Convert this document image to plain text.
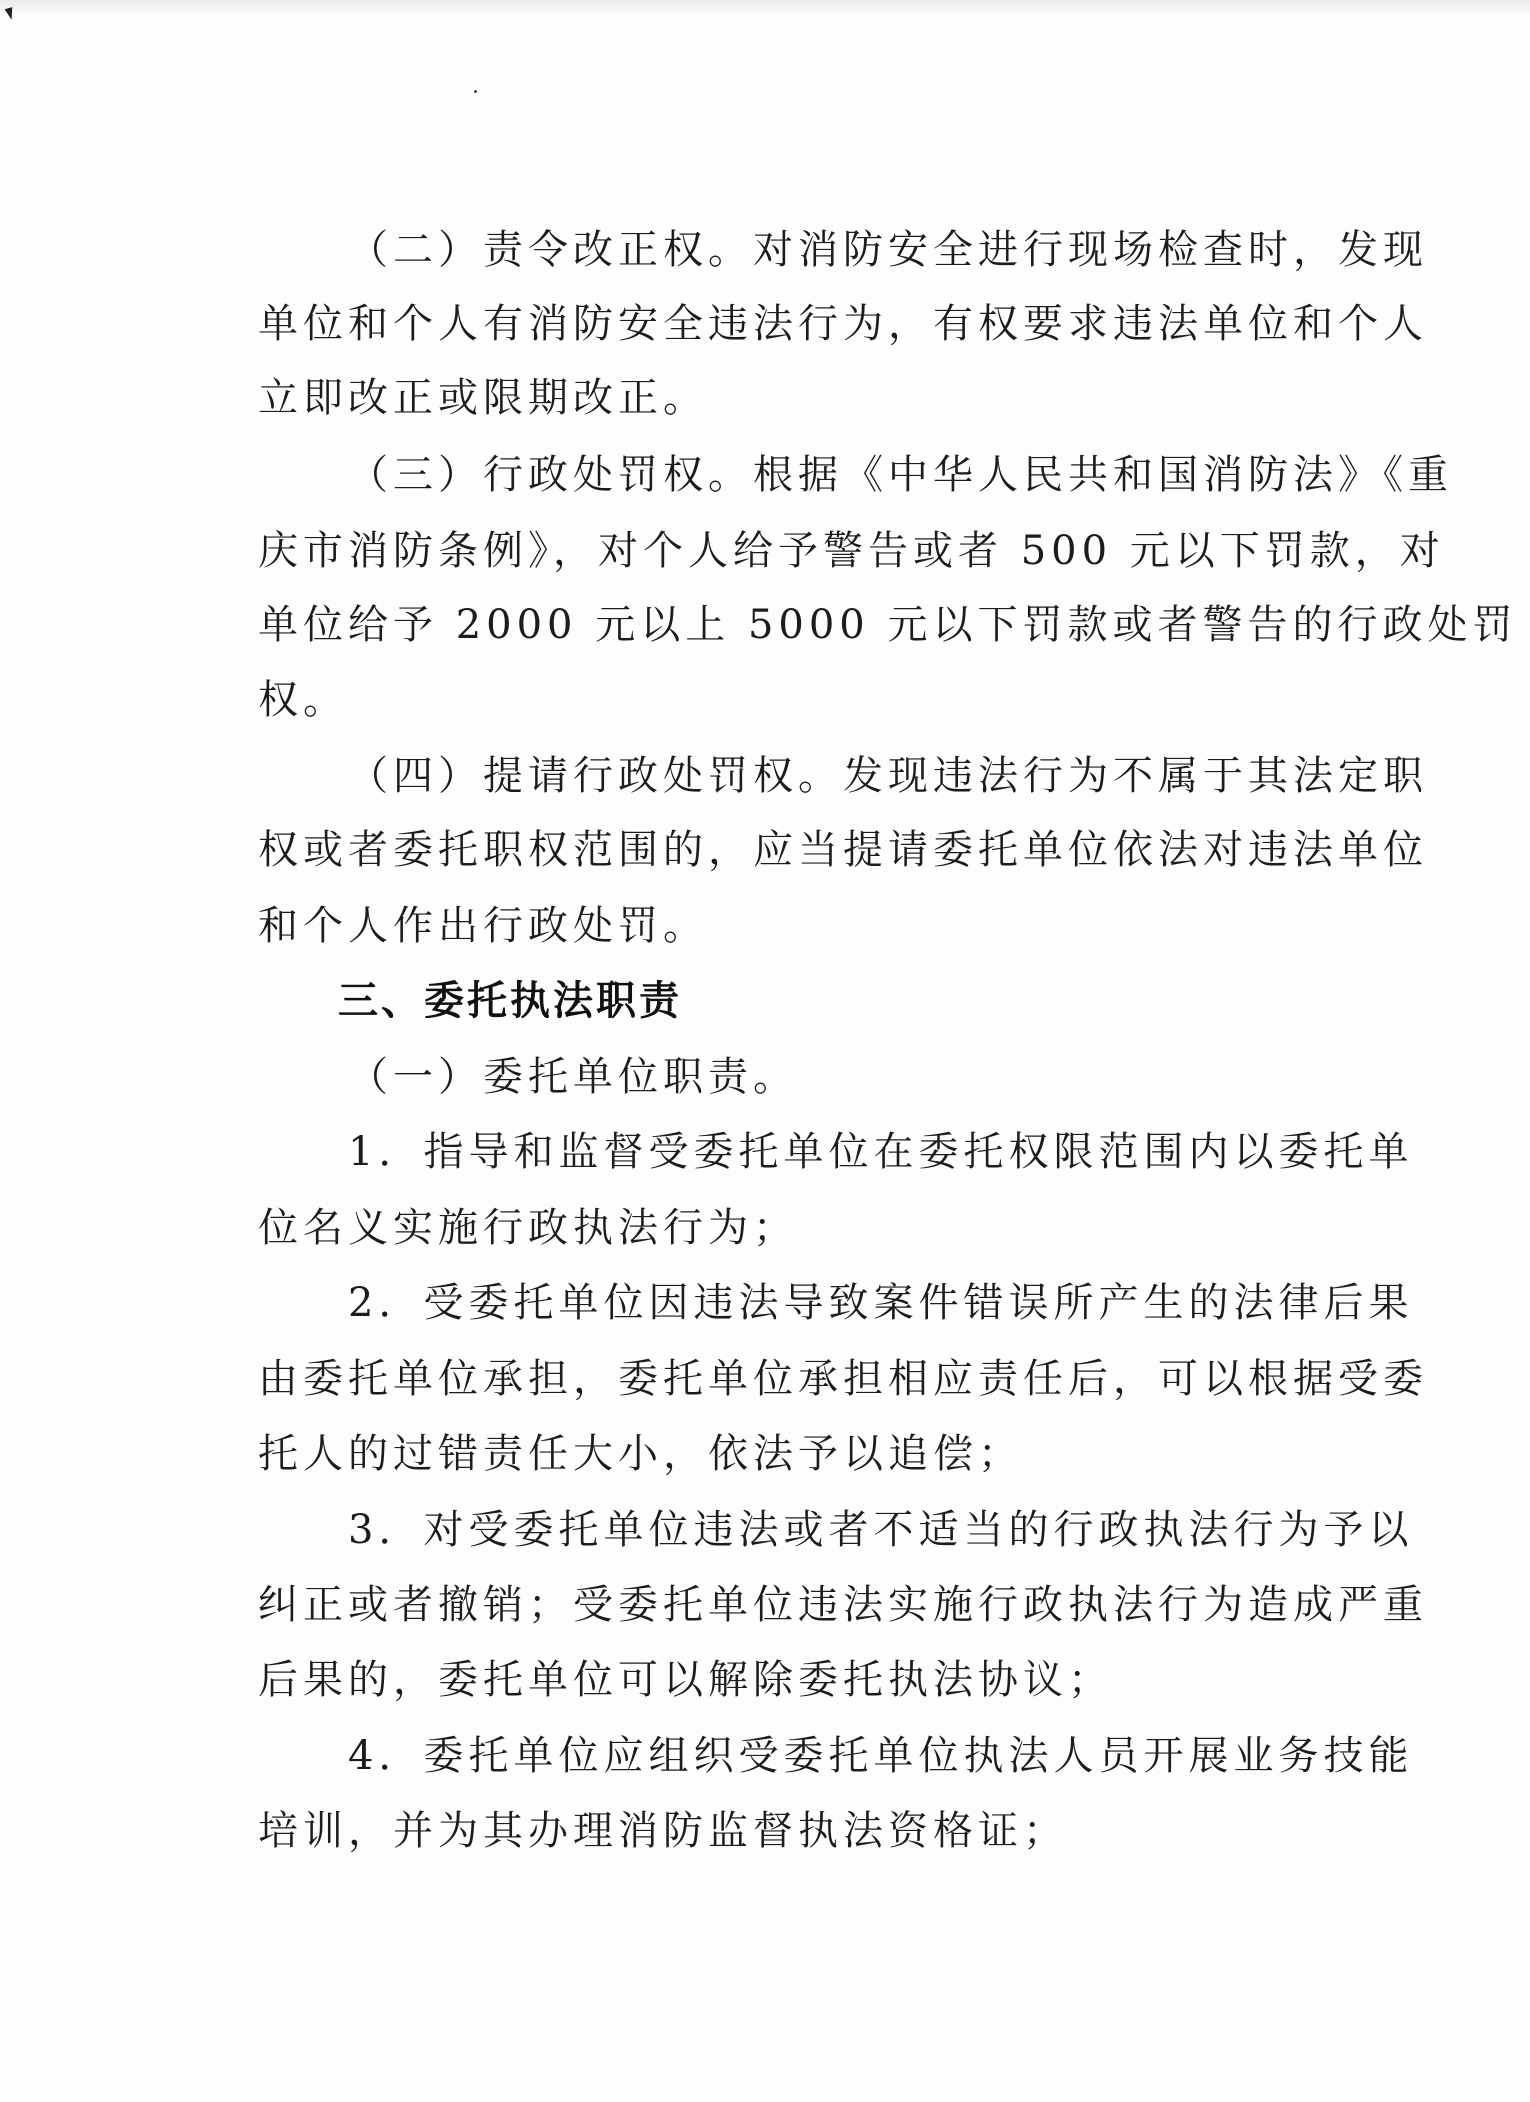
（二）责令改正权。对消防安全进行现场检查时，发现
单位和个人有消防安全违法行为，有权要求违法单位和个人
立即改正或限期改正。
（三）行政处罚权。根据《中华人民共和国消防法》《重
庆市消防条例》，对个人给予警告或者 500 元以下罚款，对
单位给予 2000 元以上 5000 元以下罚款或者警告的行政处罚
权。
（四）提请行政处罚权。发现违法行为不属于其法定职
权或者委托职权范围的，应当提请委托单位依法对违法单位
和个人作出行政处罚。
三、委托执法职责
（一）委托单位职责。
1．指导和监督受委托单位在委托权限范围内以委托单
位名义实施行政执法行为；
2．受委托单位因违法导致案件错误所产生的法律后果
由委托单位承担，委托单位承担相应责任后，可以根据受委
托人的过错责任大小，依法予以追偿；
3．对受委托单位违法或者不适当的行政执法行为予以
纠正或者撤销；受委托单位违法实施行政执法行为造成严重
后果的，委托单位可以解除委托执法协议；
4．委托单位应组织受委托单位执法人员开展业务技能
培训，并为其办理消防监督执法资格证；
